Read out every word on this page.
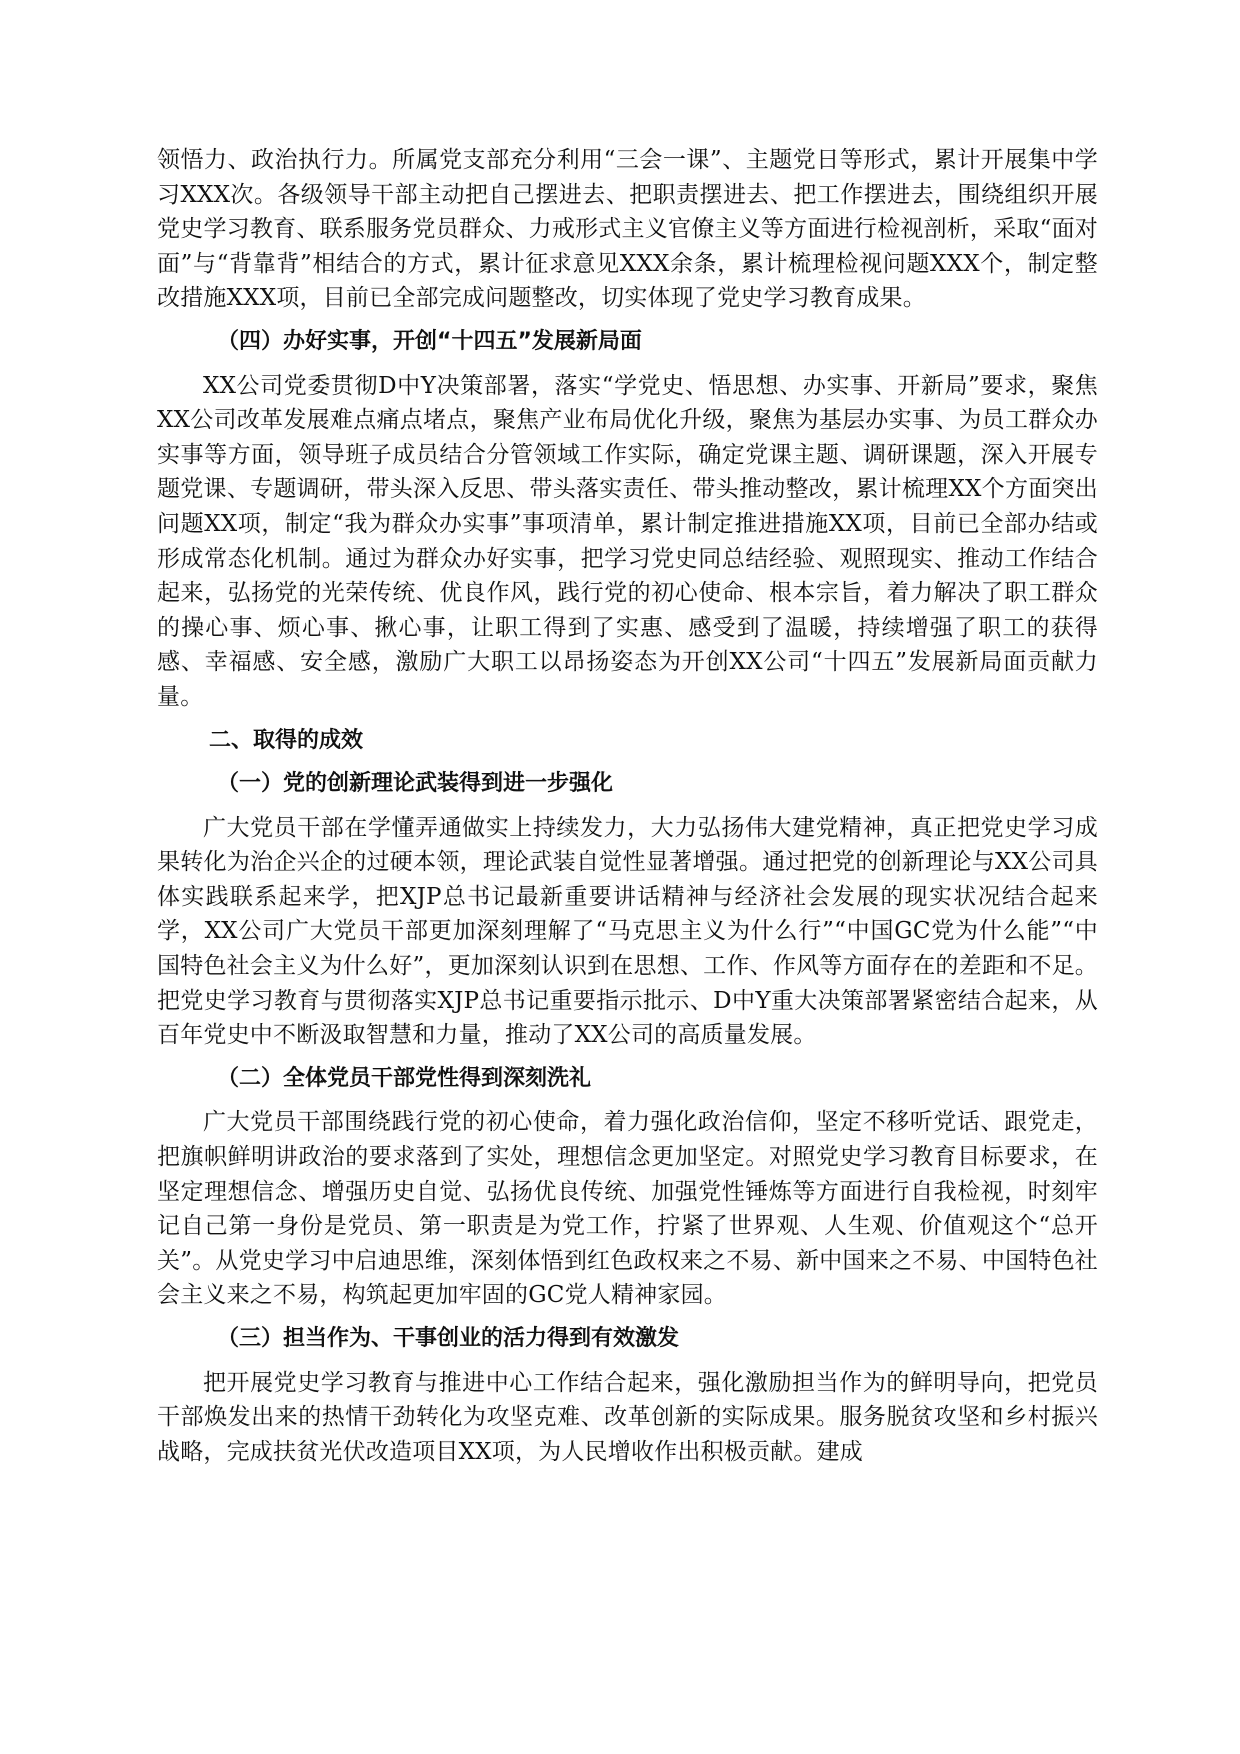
领悟力、政治执行力。所属党支部充分利用“三会一课”、主题党日等形式，累计开展集中学习XXX次。各级领导干部主动把自己摆进去、把职责摆进去、把工作摆进去，围绕组织开展党史学习教育、联系服务党员群众、力戒形式主义官僚主义等方面进行检视剖析，采取“面对面”与“背靠背”相结合的方式，累计征求意见XXX余条，累计梳理检视问题XXX个，制定整改措施XXX项，目前已全部完成问题整改，切实体现了党史学习教育成果。

（四）办好实事，开创“十四五”发展新局面

XX公司党委贯彻D中Y决策部署，落实“学党史、悟思想、办实事、开新局”要求，聚焦XX公司改革发展难点痛点堵点，聚焦产业布局优化升级，聚焦为基层办实事、为员工群众办实事等方面，领导班子成员结合分管领域工作实际，确定党课主题、调研课题，深入开展专题党课、专题调研，带头深入反思、带头落实责任、带头推动整改，累计梳理XX个方面突出问题XX项，制定“我为群众办实事”事项清单，累计制定推进措施XX项，目前已全部办结或形成常态化机制。通过为群众办好实事，把学习党史同总结经验、观照现实、推动工作结合起来，弘扬党的光荣传统、优良作风，践行党的初心使命、根本宗旨，着力解决了职工群众的操心事、烦心事、揪心事，让职工得到了实惠、感受到了温暖，持续增强了职工的获得感、幸福感、安全感，激励广大职工以昂扬姿态为开创XX公司“十四五”发展新局面贡献力量。

二、取得的成效
（一）党的创新理论武装得到进一步强化

广大党员干部在学懂弄通做实上持续发力，大力弘扬伟大建党精神，真正把党史学习成果转化为治企兴企的过硬本领，理论武装自觉性显著增强。通过把党的创新理论与XX公司具体实践联系起来学，把XJP总书记最新重要讲话精神与经济社会发展的现实状况结合起来学，XX公司广大党员干部更加深刻理解了“马克思主义为什么行”“中国GC党为什么能”“中国特色社会主义为什么好”，更加深刻认识到在思想、工作、作风等方面存在的差距和不足。把党史学习教育与贯彻落实XJP总书记重要指示批示、D中Y重大决策部署紧密结合起来，从百年党史中不断汲取智慧和力量，推动了XX公司的高质量发展。

（二）全体党员干部党性得到深刻洗礼

广大党员干部围绕践行党的初心使命，着力强化政治信仰，坚定不移听党话、跟党走，把旗帜鲜明讲政治的要求落到了实处，理想信念更加坚定。对照党史学习教育目标要求，在坚定理想信念、增强历史自觉、弘扬优良传统、加强党性锤炼等方面进行自我检视，时刻牢记自己第一身份是党员、第一职责是为党工作，拧紧了世界观、人生观、价值观这个“总开关”。从党史学习中启迪思维，深刻体悟到红色政权来之不易、新中国来之不易、中国特色社会主义来之不易，构筑起更加牢固的GC党人精神家园。

（三）担当作为、干事创业的活力得到有效激发

把开展党史学习教育与推进中心工作结合起来，强化激励担当作为的鲜明导向，把党员干部焕发出来的热情干劲转化为攻坚克难、改革创新的实际成果。服务脱贫攻坚和乡村振兴战略，完成扶贫光伏改造项目XX项，为人民增收作出积极贡献。建成
